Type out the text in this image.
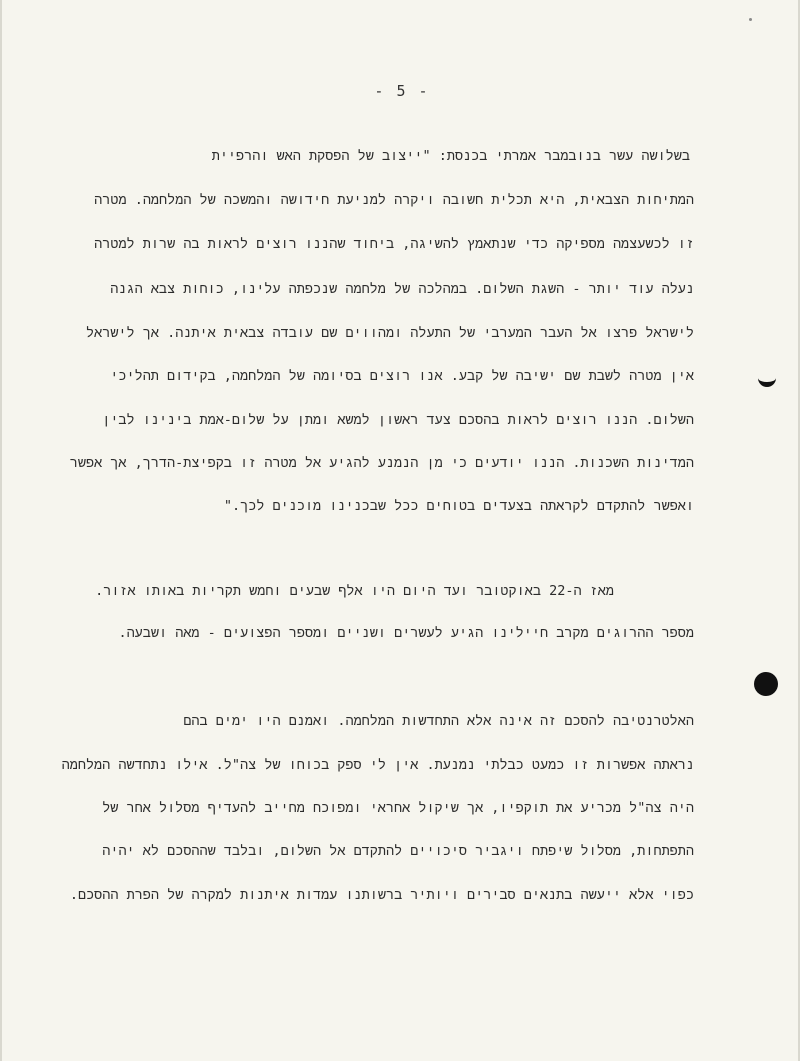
- 5 -
בשלושה עשר בנובמבר אמרתי בכנסת: "ייצוב של הפסקת האש והרפיית
המתיחות הצבאית, היא תכלית חשובה ויקרה למניעת חידושה והמשכה של המלחמה. מטרה
זו לכשעצמה מספיקה כדי שנתאמץ להשיגה, ביחוד שהננו רוצים לראות בה שרות למטרה
נעלה עוד יותר - השגת השלום. במהלכה של מלחמה שנכפתה עלינו, כוחות צבא הגנה
לישראל פרצו אל העבר המערבי של התעלה ומהווים שם עובדה צבאית איתנה. אך לישראל
אין מטרה לשבת שם ישיבה של קבע. אנו רוצים בסיומה של המלחמה, בקידום תהליכי
השלום. הננו רוצים לראות בהסכם צעד ראשון למשא ומתן על שלום-אמת בינינו לבין
המדינות השכנות. הננו יודעים כי מן הנמנע להגיע אל מטרה זו בקפיצת-הדרך, אך אפשר
ואפשר להתקדם לקראתה בצעדים בטוחים ככל שבכנינו מוכנים לכך."
מאז ה-22 באוקטובר ועד היום היו אלף שבעים וחמש תקריות באותו אזור.
מספר ההרוגים מקרב חיילינו הגיע לעשרים ושניים ומספר הפצועים - מאה ושבעה.
האלטרנטיבה להסכם זה אינה אלא התחדשות המלחמה. ואמנם היו ימים בהם
נראתה אפשרות זו כמעט כבלתי נמנעת. אין לי ספק בכוחו של צה"ל. אילו נתחדשה המלחמה
היה צה"ל מכריע את תוקפיו, אך שיקול אחראי ומפוכח מחייב להעדיף מסלול אחר של
התפתחות, מסלול שיפתח ויגביר סיכויים להתקדם אל השלום, ובלבד שההסכם לא יהיה
כפוי אלא ייעשה בתנאים סבירים ויותיר ברשותנו עמדות איתנות למקרה של הפרת ההסכם.
